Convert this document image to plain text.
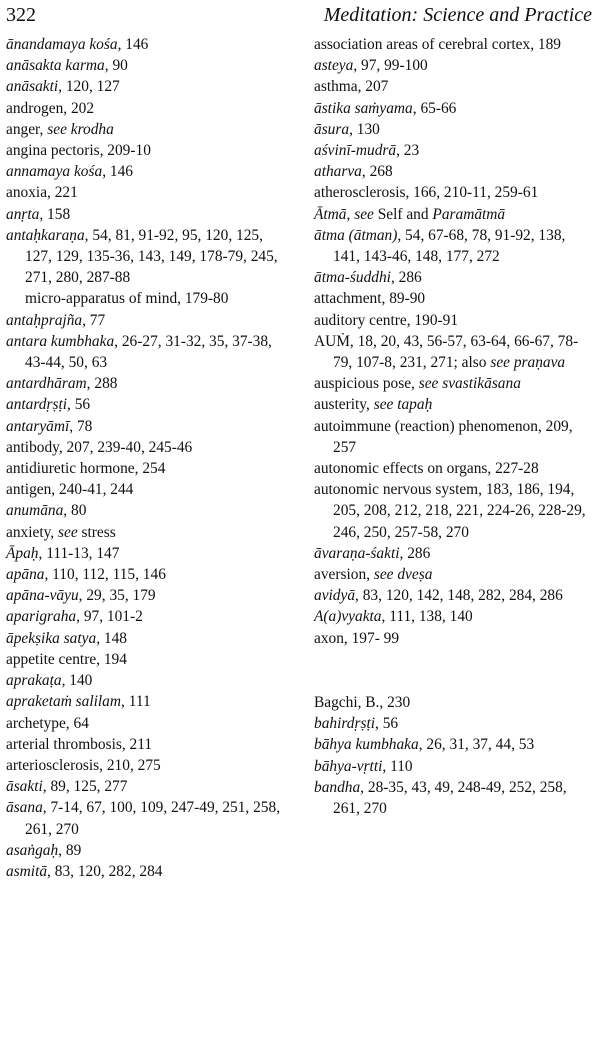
322	Meditation: Science and Practice

ānandamaya kośa, 146

anāsakta karma, 90

anāsakti, 120, 127

androgen, 202

anger, see krodha

angina pectoris, 209-10

annamaya kośa, 146

anoxia, 221

anṛta, 158

antaḥkaraṇa, 54, 81, 91-92, 95, 120, 125, 127, 129, 135-36, 143, 149, 178-79, 245, 271, 280, 287-88

micro-apparatus of mind, 179-80

antaḥprajña, 77

antara kumbhaka, 26-27, 31-32, 35, 37-38, 43-44, 50, 63

antardhāram, 288

antardṛṣṭi, 56

antaryāmī, 78

antibody, 207, 239-40, 245-46

antidiuretic hormone, 254

antigen, 240-41, 244

anumāna, 80

anxiety, see stress

Āpaḥ, 111-13, 147

apāna, 110, 112, 115, 146

apāna-vāyu, 29, 35, 179

aparigraha, 97, 101-2

āpekṣika satya, 148

appetite centre, 194

aprakaṭa, 140

apraketaṁ salilam, 111

archetype, 64

arterial thrombosis, 211

arteriosclerosis, 210, 275

āsakti, 89, 125, 277

āsana, 7-14, 67, 100, 109, 247-49, 251, 258, 261, 270

asaṅgaḥ, 89

asmitā, 83, 120, 282, 284

association areas of cerebral cortex, 189

asteya, 97, 99-100

asthma, 207

āstika saṁyama, 65-66

āsura, 130

aśvinī-mudrā, 23

atharva, 268

atherosclerosis, 166, 210-11, 259-61

Ātmā, see Self and Paramātmā

ātma (ātman), 54, 67-68, 78, 91-92, 138, 141, 143-46, 148, 177, 272

ātma-śuddhi, 286

attachment, 89-90

auditory centre, 190-91

AUṀ, 18, 20, 43, 56-57, 63-64, 66-67, 78-79, 107-8, 231, 271; also see praṇava

auspicious pose, see svastikāsana

austerity, see tapaḥ

autoimmune (reaction) phenomenon, 209, 257

autonomic effects on organs, 227-28

autonomic nervous system, 183, 186, 194, 205, 208, 212, 218, 221, 224-26, 228-29, 246, 250, 257-58, 270

āvaraṇa-śakti, 286

aversion, see dveṣa

avidyā, 83, 120, 142, 148, 282, 284, 286

A(a)vyakta, 111, 138, 140

axon, 197- 99

Bagchi, B., 230

bahirdṛṣṭi, 56

bāhya kumbhaka, 26, 31, 37, 44, 53

bāhya-vṛtti, 110

bandha, 28-35, 43, 49, 248-49, 252, 258, 261, 270
